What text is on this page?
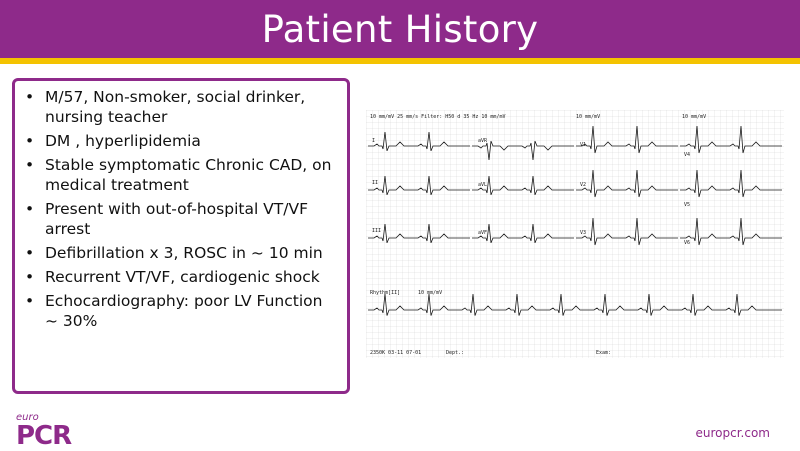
Patient History
• M/57, Non-smoker, social drinker, nursing teacher
• DM , hyperlipidemia
• Stable symptomatic Chronic CAD, on medical treatment
• Present with out-of-hospital VT/VF arrest
• Defibrillation x 3, ROSC in ~ 10 min
• Recurrent VT/VF, cardiogenic shock
• Echocardiography: poor LV Function ~ 30%
10 mm/mV 25 mm/s Filter: H50 d 35 Hz 10 mm/mV	10 mm/mV	10 mm/mV
I	aVR
V1
V4
II	aVL	V2
V5
III	aVF	V3
V6
Rhythm[II]	10 mm/mV
2350K 03-11 07-01	Dept.:	Exam:
euro
PCR	europcr.com
